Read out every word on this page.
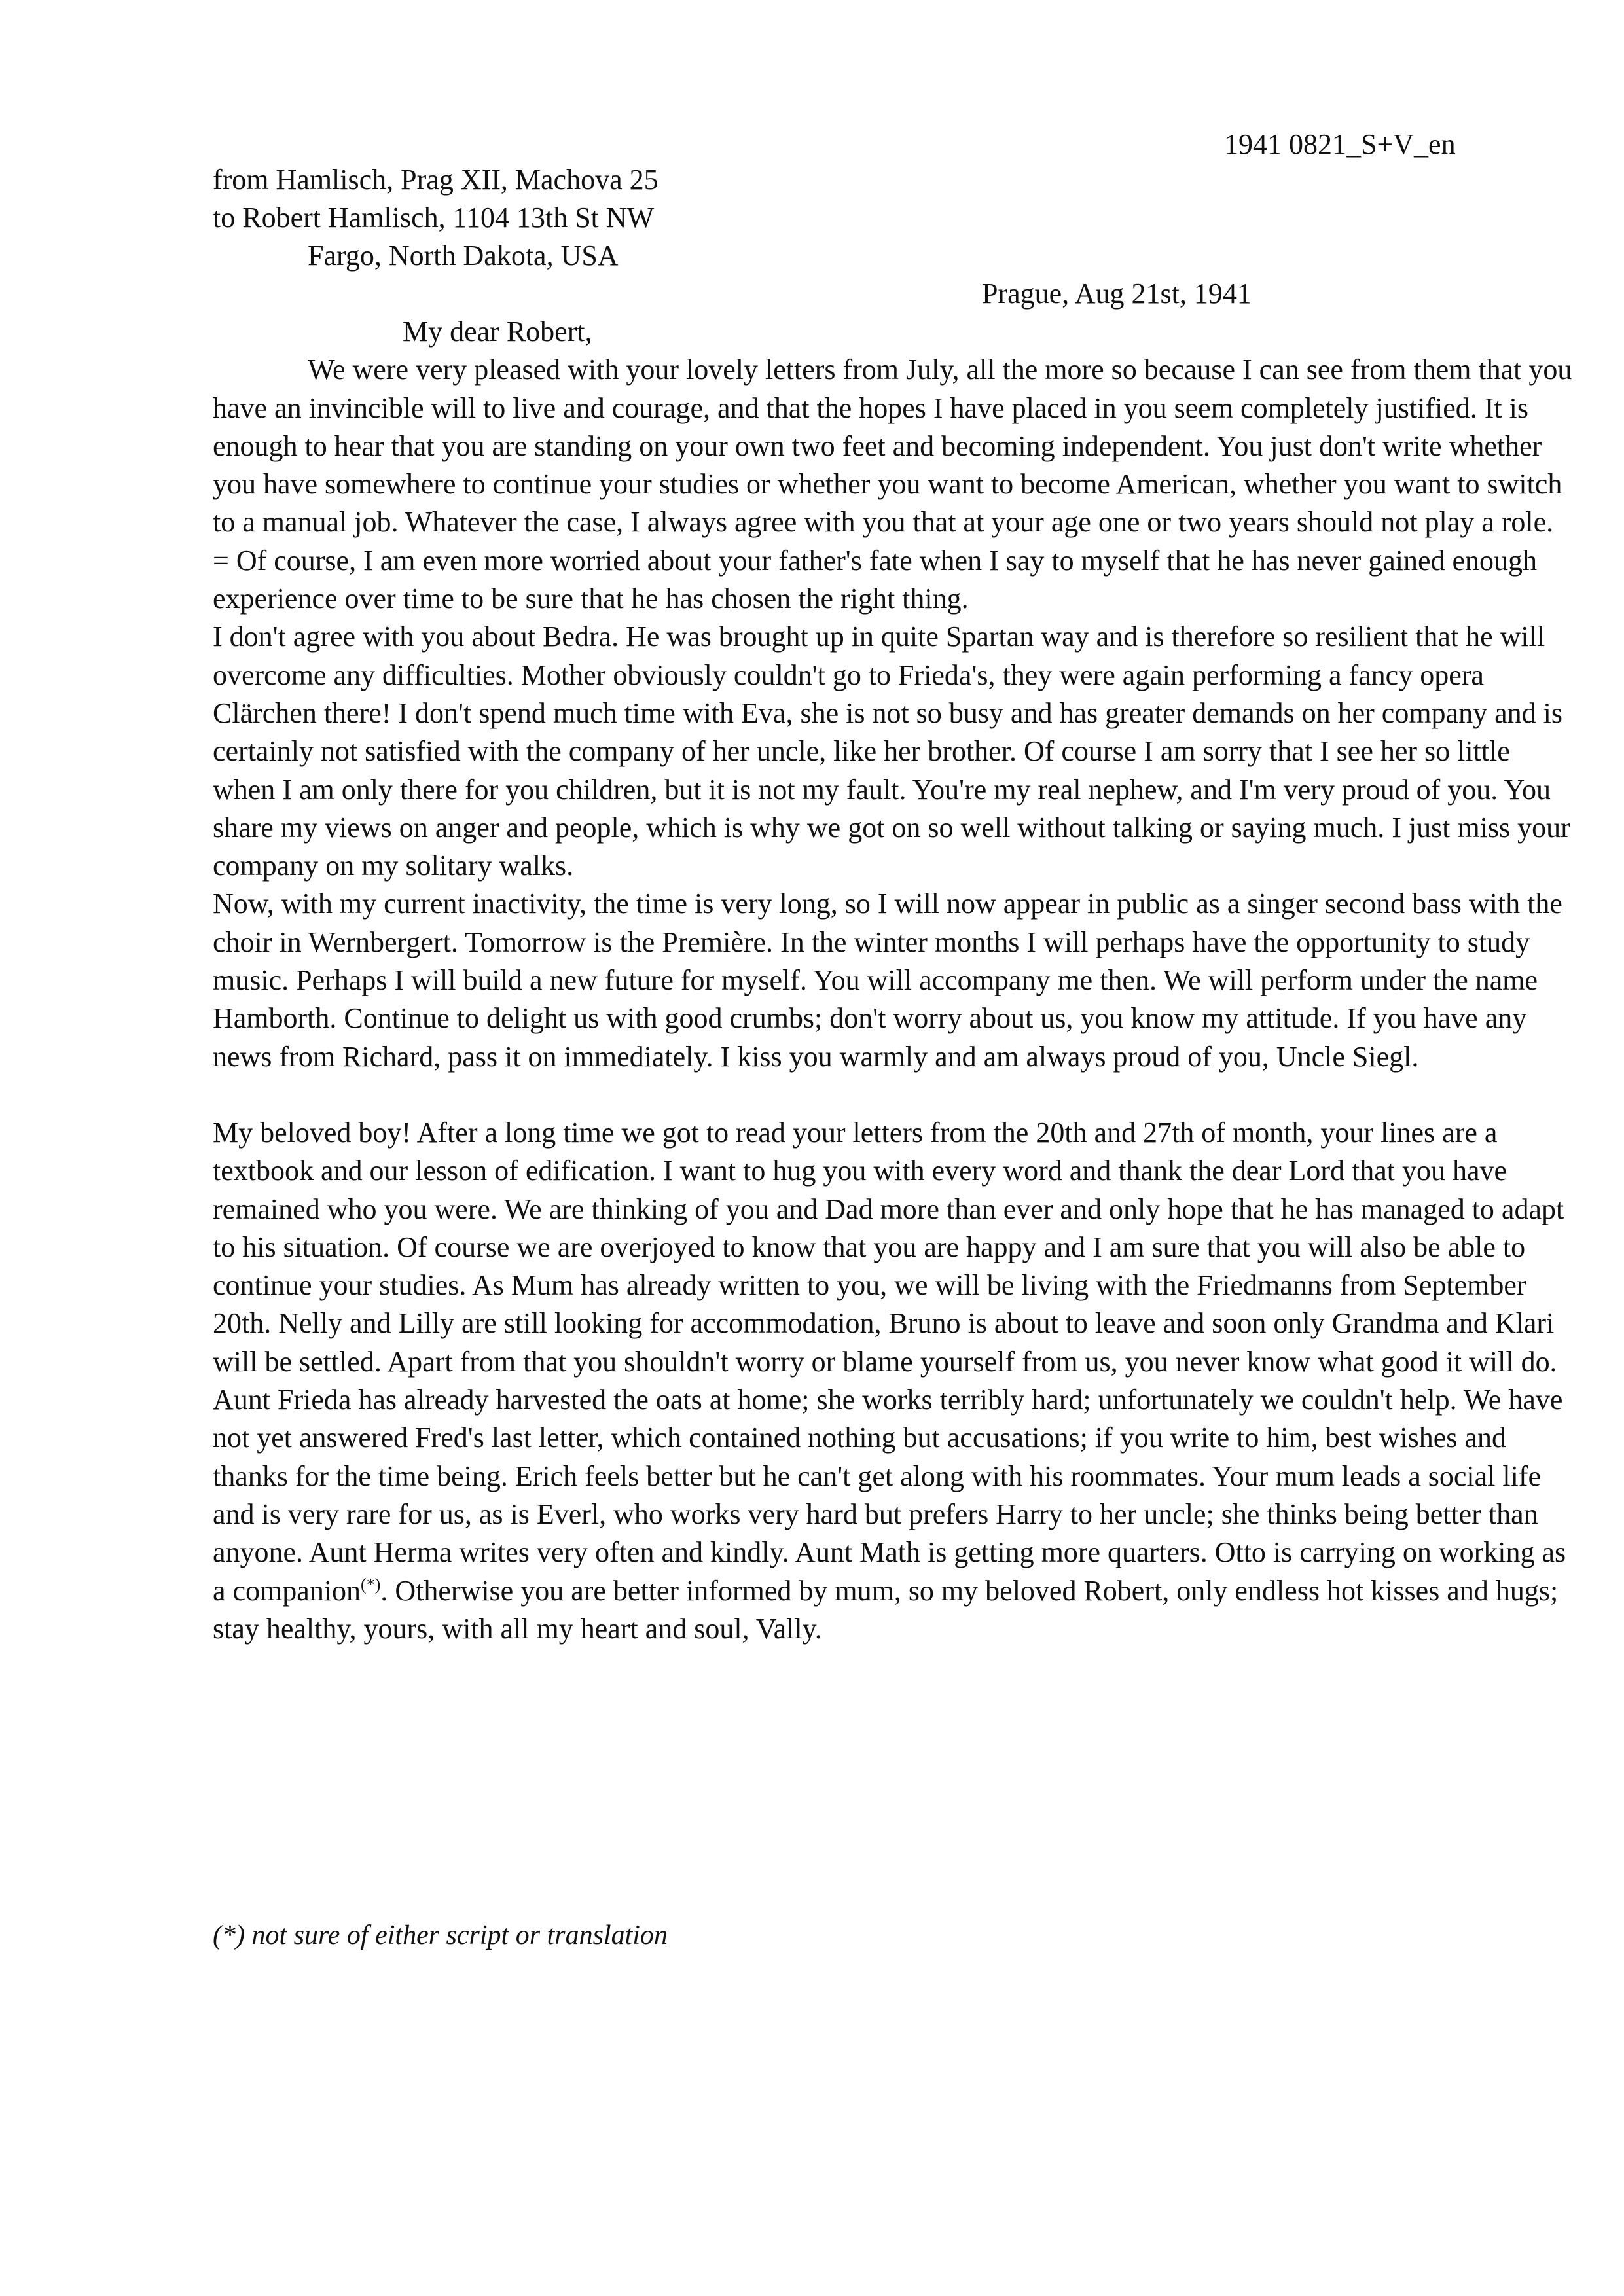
1941 0821_S+V_en
from Hamlisch, Prag XII, Machova 25
to Robert Hamlisch, 1104 13th St NW
Fargo, North Dakota, USA
Prague, Aug 21st, 1941
My dear Robert,

We were very pleased with your lovely letters from July, all the more so because I can see from them that you have an invincible will to live and courage, and that the hopes I have placed in you seem completely justified. It is enough to hear that you are standing on your own two feet and becoming independent. You just don't write whether you have somewhere to continue your studies or whether you want to become American, whether you want to switch to a manual job. Whatever the case, I always agree with you that at your age one or two years should not play a role.

= Of course, I am even more worried about your father's fate when I say to myself that he has never gained enough experience over time to be sure that he has chosen the right thing.

I don't agree with you about Bedra. He was brought up in quite Spartan way and is therefore so resilient that he will overcome any difficulties. Mother obviously couldn't go to Frieda's, they were again performing a fancy opera Clärchen there! I don't spend much time with Eva, she is not so busy and has greater demands on her company and is certainly not satisfied with the company of her uncle, like her brother. Of course I am sorry that I see her so little when I am only there for you children, but it is not my fault. You're my real nephew, and I'm very proud of you. You share my views on anger and people, which is why we got on so well without talking or saying much. I just miss your company on my solitary walks.

Now, with my current inactivity, the time is very long, so I will now appear in public as a singer second bass with the choir in Wernbergert. Tomorrow is the Première. In the winter months I will perhaps have the opportunity to study music. Perhaps I will build a new future for myself. You will accompany me then. We will perform under the name Hamborth. Continue to delight us with good crumbs; don't worry about us, you know my attitude. If you have any news from Richard, pass it on immediately. I kiss you warmly and am always proud of you, Uncle Siegl.

My beloved boy! After a long time we got to read your letters from the 20th and 27th of month, your lines are a textbook and our lesson of edification. I want to hug you with every word and thank the dear Lord that you have remained who you were. We are thinking of you and Dad more than ever and only hope that he has managed to adapt to his situation. Of course we are overjoyed to know that you are happy and I am sure that you will also be able to continue your studies. As Mum has already written to you, we will be living with the Friedmanns from September 20th. Nelly and Lilly are still looking for accommodation, Bruno is about to leave and soon only Grandma and Klari will be settled. Apart from that you shouldn't worry or blame yourself from us, you never know what good it will do.

Aunt Frieda has already harvested the oats at home; she works terribly hard; unfortunately we couldn't help. We have not yet answered Fred's last letter, which contained nothing but accusations; if you write to him, best wishes and thanks for the time being. Erich feels better but he can't get along with his roommates. Your mum leads a social life and is very rare for us, as is Everl, who works very hard but prefers Harry to her uncle; she thinks being better than anyone. Aunt Herma writes very often and kindly. Aunt Math is getting more quarters. Otto is carrying on working as a companion(*). Otherwise you are better informed by mum, so my beloved Robert, only endless hot kisses and hugs; stay healthy, yours, with all my heart and soul, Vally.

(*) not sure of either script or translation
